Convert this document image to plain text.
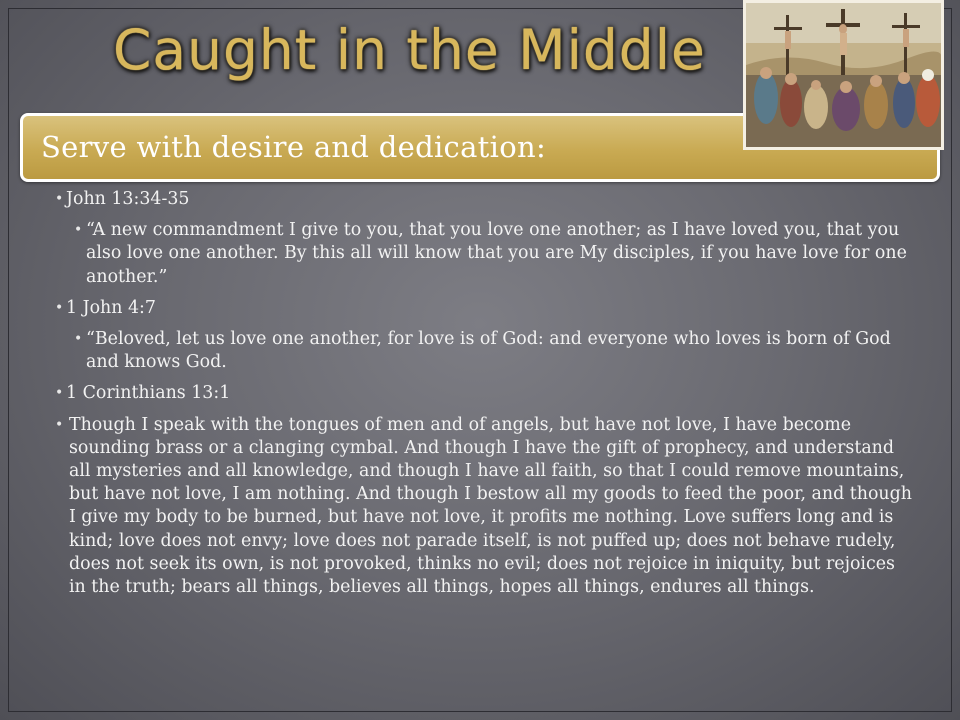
Caught in the Middle
Serve with desire and dedication:
• John 13:34-35
• “A new commandment I give to you, that you love one another; as I have loved you, that you also love one another. By this all will know that you are My disciples, if you have love for one another.”
• 1 John 4:7
• “Beloved, let us love one another, for love is of God: and everyone who loves is born of God and knows God.
• 1 Corinthians 13:1
• Though I speak with the tongues of men and of angels, but have not love, I have become sounding brass or a clanging cymbal. And though I have the gift of prophecy, and understand all mysteries and all knowledge, and though I have all faith, so that I could remove mountains, but have not love, I am nothing. And though I bestow all my goods to feed the poor, and though I give my body to be burned, but have not love, it profits me nothing. Love suffers long and is kind; love does not envy; love does not parade itself, is not puffed up; does not behave rudely, does not seek its own, is not provoked, thinks no evil; does not rejoice in iniquity, but rejoices in the truth; bears all things, believes all things, hopes all things, endures all things.
